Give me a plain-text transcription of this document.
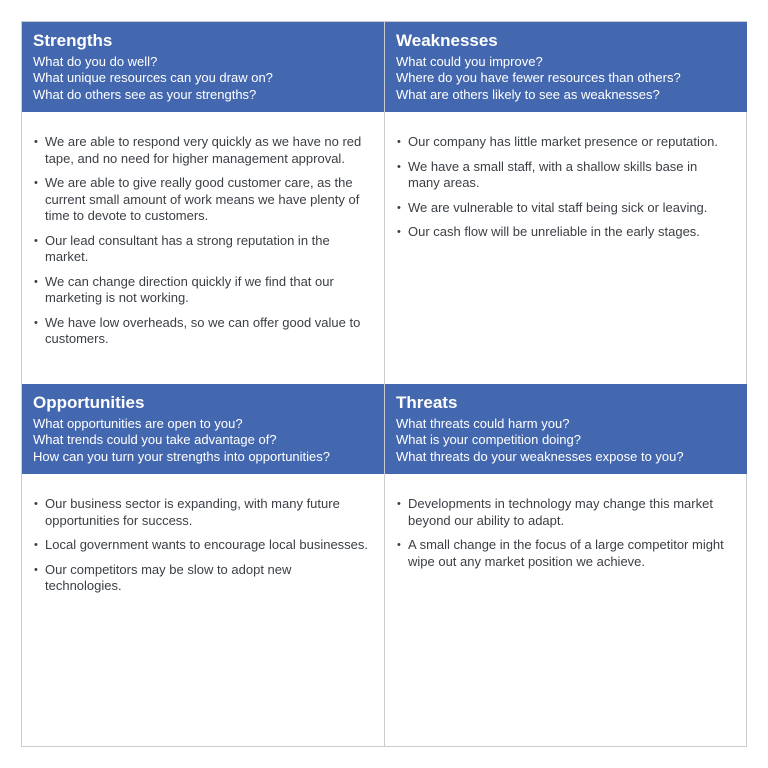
Strengths
What do you do well?
What unique resources can you draw on?
What do others see as your strengths?
• We are able to respond very quickly as we have no red tape, and no need for higher management approval.
• We are able to give really good customer care, as the current small amount of work means we have plenty of time to devote to customers.
• Our lead consultant has a strong reputation in the market.
• We can change direction quickly if we find that our marketing is not working.
• We have low overheads, so we can offer good value to customers.
Weaknesses
What could you improve?
Where do you have fewer resources than others?
What are others likely to see as weaknesses?
• Our company has little market presence or reputation.
• We have a small staff, with a shallow skills base in many areas.
• We are vulnerable to vital staff being sick or leaving.
• Our cash flow will be unreliable in the early stages.
Opportunities
What opportunities are open to you?
What trends could you take advantage of?
How can you turn your strengths into opportunities?
• Our business sector is expanding, with many future opportunities for success.
• Local government wants to encourage local businesses.
• Our competitors may be slow to adopt new technologies.
Threats
What threats could harm you?
What is your competition doing?
What threats do your weaknesses expose to you?
• Developments in technology may change this market beyond our ability to adapt.
• A small change in the focus of a large competitor might wipe out any market position we achieve.
